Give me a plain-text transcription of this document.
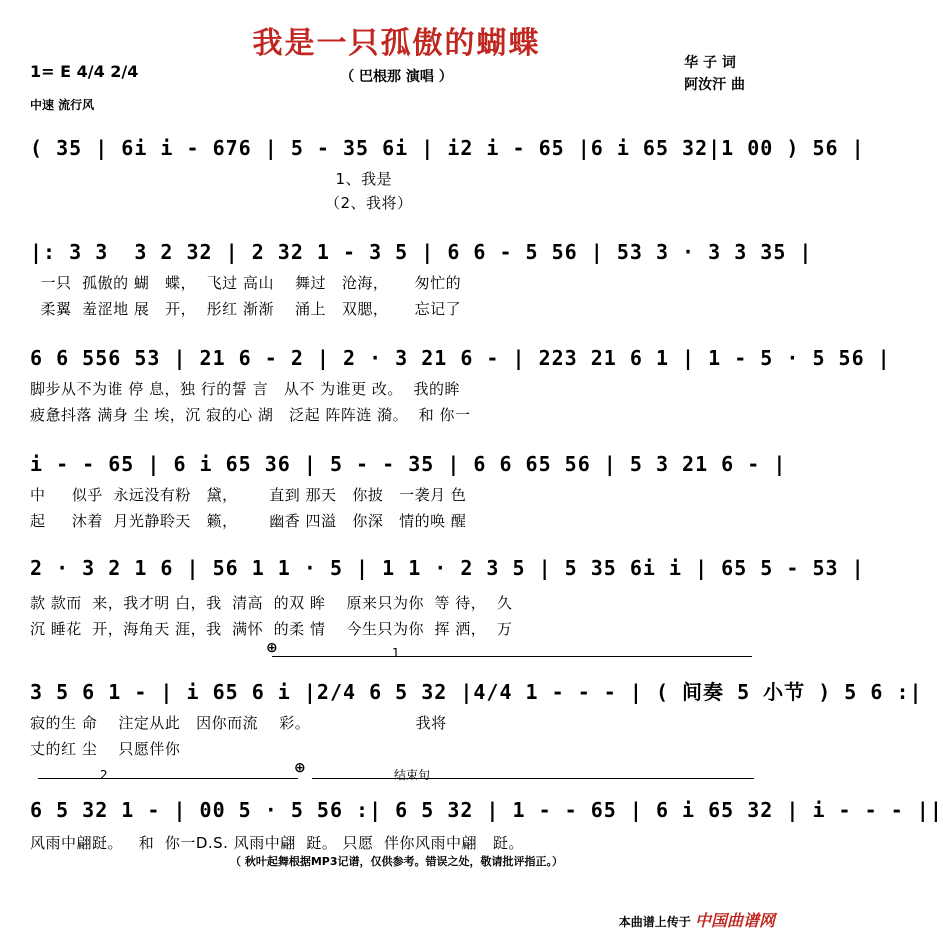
我是一只孤傲的蝴蝶
（ 巴根那 演唱 ）
华 子 词
阿汝汗 曲
1= E 4/4 2/4
中速 流行风
( 35 | 6i i - 676 | 5 - 35 6i | i2 i - 65 |6 i 65 32|1 00 ) 56 |
1、我是
（2、我将）
|: 3 3  3 2 32 | 2 32 1 - 3 5 | 6 6 - 5 56 | 53 3 · 3 3 35 |
一只  孤傲的 蝴   蝶，  飞过 高山    舞过   沧海，     匆忙的
柔翼  羞涩地 展   开，  彤红 渐渐    涌上   双腮，     忘记了
6 6 556 53 | 21 6 - 2 | 2 · 3 21 6 - | 223 21 6 1 | 1 - 5 · 5 56 |
脚步从不为谁 停 息，独 行的誓 言   从不 为谁更 改。  我的眸
疲惫抖落 满身 尘 埃，沉 寂的心 湖   泛起 阵阵涟 漪。  和 你一
i - - 65 | 6 i 65 36 | 5 - - 35 | 6 6 65 56 | 5 3 21 6 - |
中     似乎  永远没有粉   黛，      直到 那天   你披   一袭月 色
起     沐着  月光静聆天   籁，      幽香 四溢   你深   情的唤 醒
2 · 3 2 1 6 | 56 1 1 · 5 | 1 1 · 2 3 5 | 5 35 6i i | 65 5 - 53 |
款 款而  来，我才明 白，我  清高  的双 眸    原来只为你  等 待，  久
沉 睡花  开，海角天 涯，我  满怀  的柔 情    今生只为你  挥 洒，  万
1
⊕
3 5 6 1 - | i 65 6 i |2/4 6 5 32 |4/4 1 - - - | ( 间奏 5 小节 ) 5 6 :|
寂的生 命    注定从此   因你而流    彩。                    我将
丈的红 尘    只愿伴你
2	⊕	结束句
6 5 32 1 - | 00 5 · 5 56 :| 6 5 32 | 1 - - 65 | 6 i 65 32 | i - - - ||
风雨中翩跹。   和  你一D.S. 风雨中翩  跹。 只愿  伴你风雨中翩   跹。
（ 秋叶起舞根据MP3记谱，仅供参考。错误之处，敬请批评指正。）
本曲谱上传于 中国曲谱网
